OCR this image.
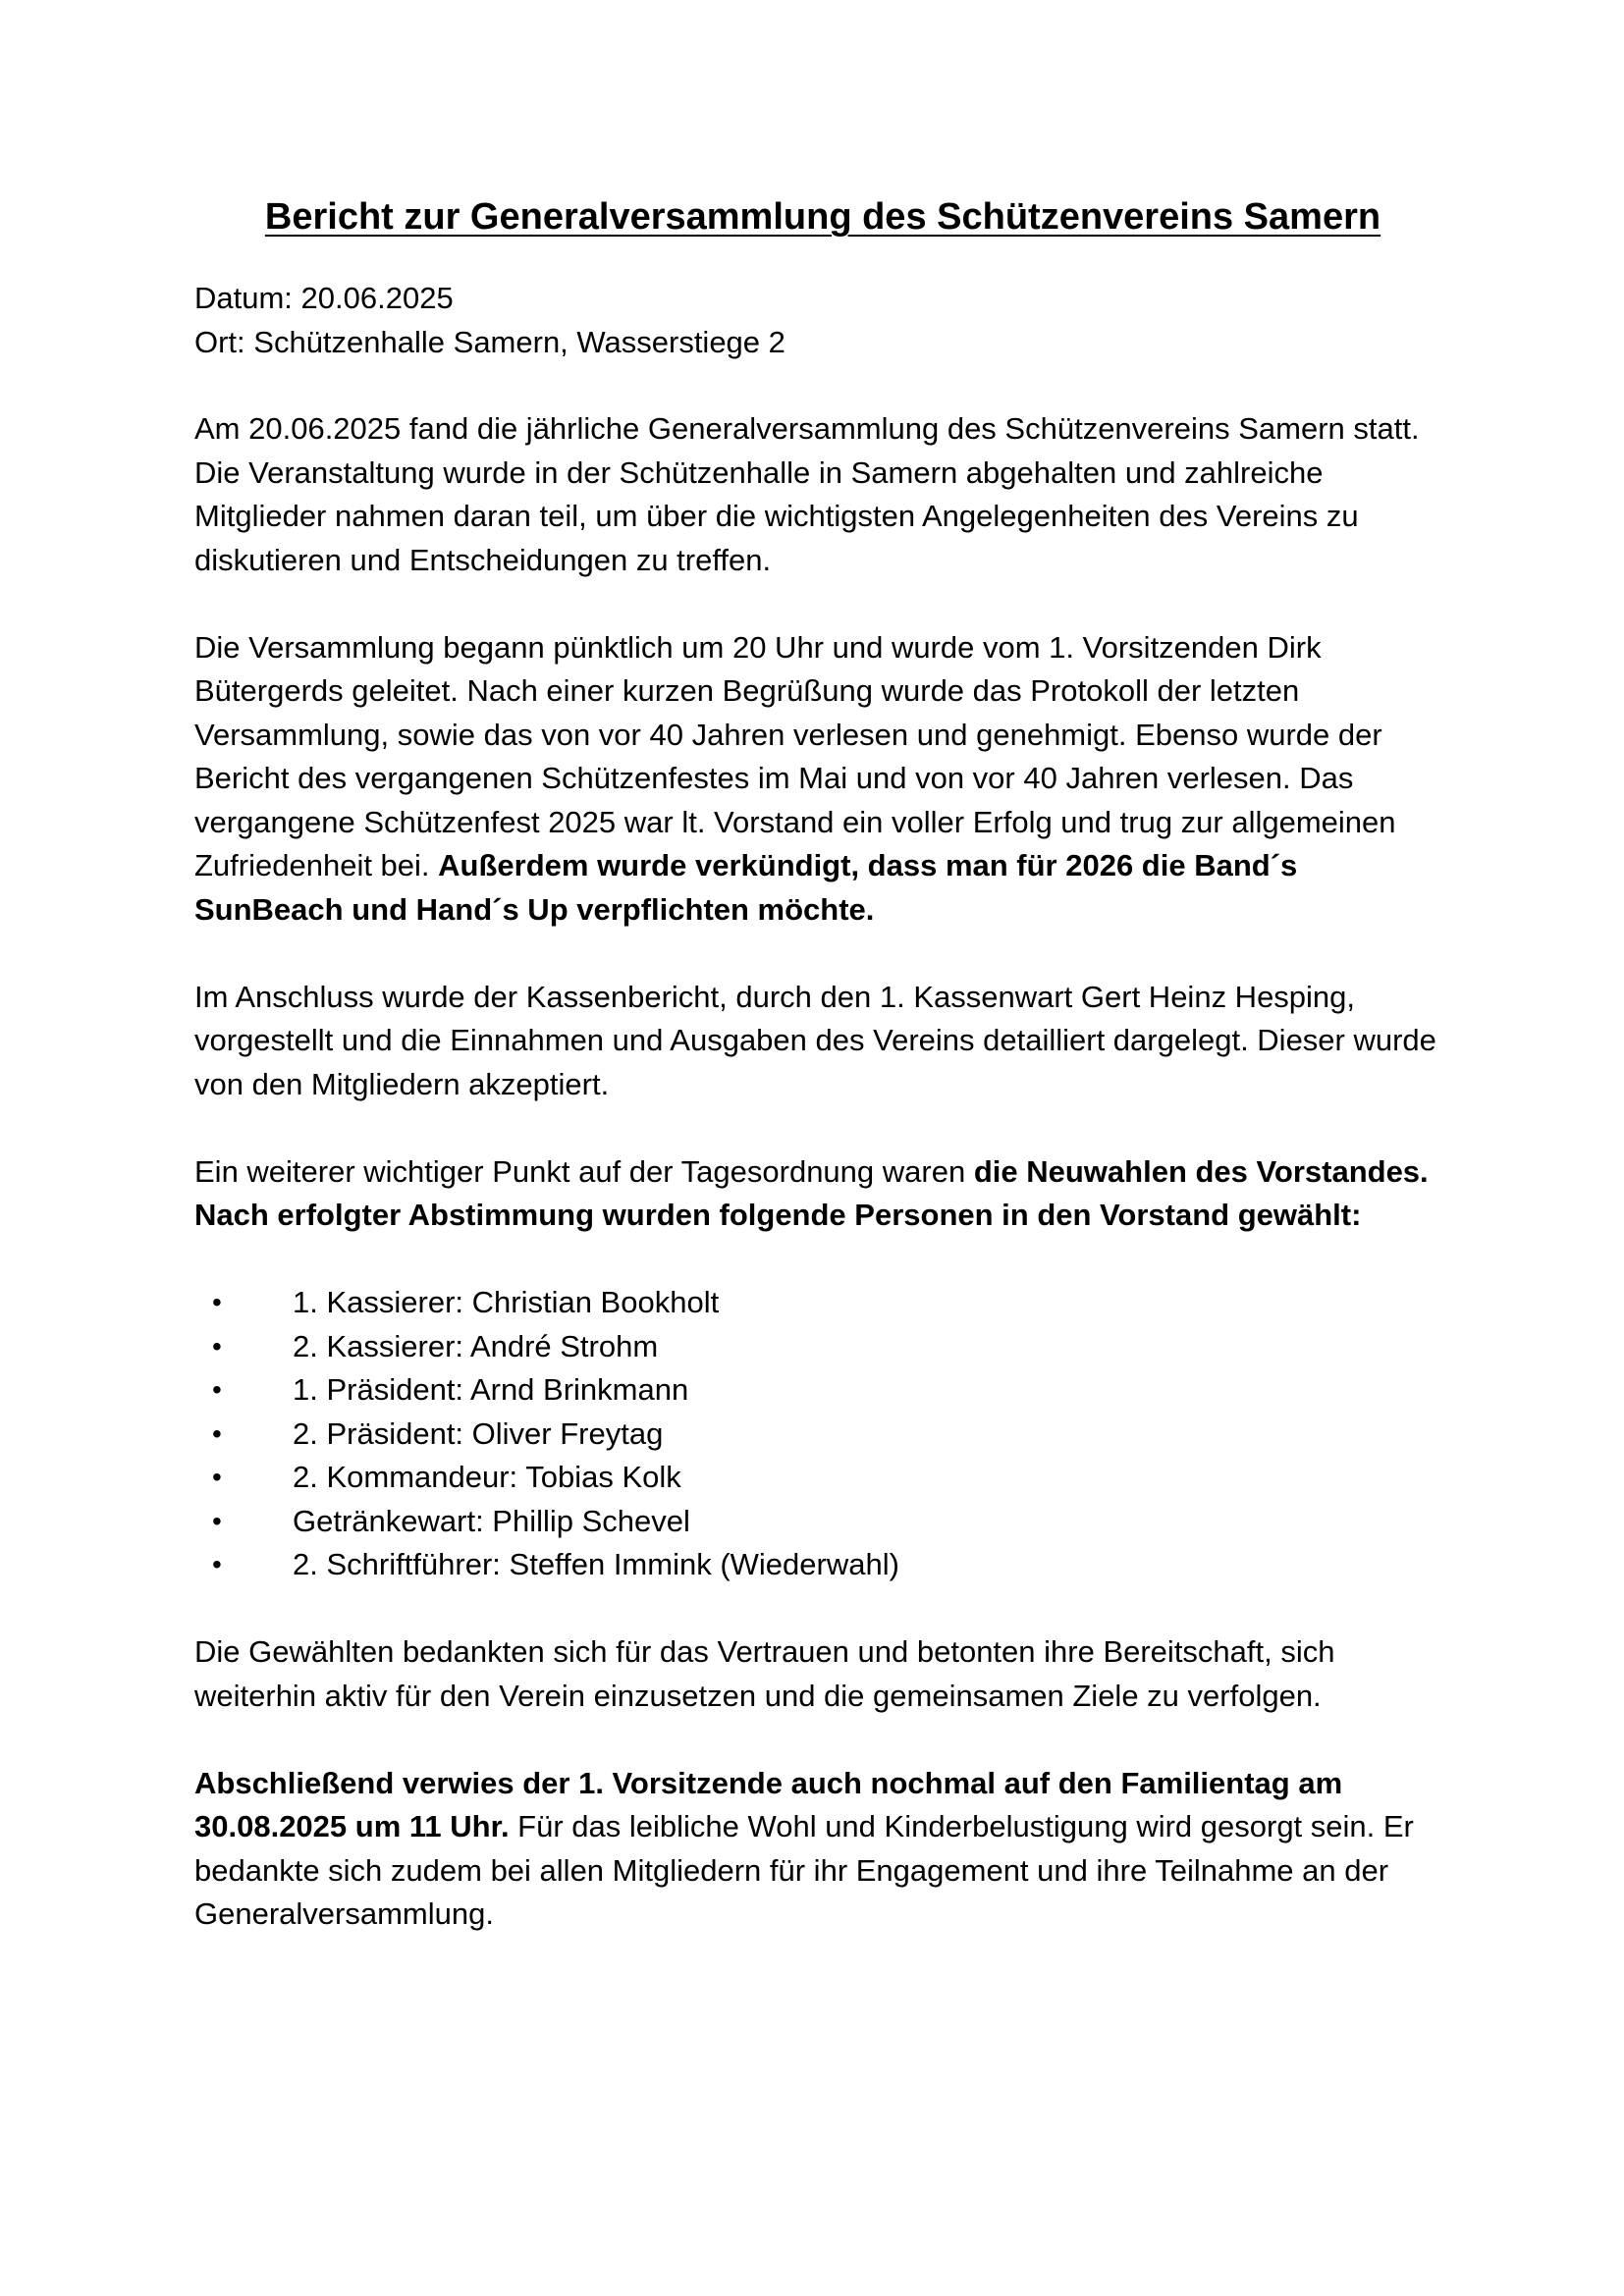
Bericht zur Generalversammlung des Schützenvereins Samern
Datum: 20.06.2025
Ort: Schützenhalle Samern, Wasserstiege 2

Am 20.06.2025 fand die jährliche Generalversammlung des Schützenvereins Samern statt. Die Veranstaltung wurde in der Schützenhalle in Samern abgehalten und zahlreiche Mitglieder nahmen daran teil, um über die wichtigsten Angelegenheiten des Vereins zu diskutieren und Entscheidungen zu treffen.

Die Versammlung begann pünktlich um 20 Uhr und wurde vom 1. Vorsitzenden Dirk Bütergerds geleitet. Nach einer kurzen Begrüßung wurde das Protokoll der letzten Versammlung, sowie das von vor 40 Jahren verlesen und genehmigt. Ebenso wurde der Bericht des vergangenen Schützenfestes im Mai und von vor 40 Jahren verlesen. Das vergangene Schützenfest 2025 war lt. Vorstand ein voller Erfolg und trug zur allgemeinen Zufriedenheit bei. Außerdem wurde verkündigt, dass man für 2026 die Band´s SunBeach und Hand´s Up verpflichten möchte.

Im Anschluss wurde der Kassenbericht, durch den 1. Kassenwart Gert Heinz Hesping, vorgestellt und die Einnahmen und Ausgaben des Vereins detailliert dargelegt. Dieser wurde von den Mitgliedern akzeptiert.

Ein weiterer wichtiger Punkt auf der Tagesordnung waren die Neuwahlen des Vorstandes. Nach erfolgter Abstimmung wurden folgende Personen in den Vorstand gewählt:

• 1. Kassierer: Christian Bookholt
• 2. Kassierer: André Strohm
• 1. Präsident: Arnd Brinkmann
• 2. Präsident: Oliver Freytag
• 2. Kommandeur: Tobias Kolk
• Getränkewart: Phillip Schevel
• 2. Schriftführer: Steffen Immink (Wiederwahl)

Die Gewählten bedankten sich für das Vertrauen und betonten ihre Bereitschaft, sich weiterhin aktiv für den Verein einzusetzen und die gemeinsamen Ziele zu verfolgen.

Abschließend verwies der 1. Vorsitzende auch nochmal auf den Familientag am 30.08.2025 um 11 Uhr. Für das leibliche Wohl und Kinderbelustigung wird gesorgt sein. Er bedankte sich zudem bei allen Mitgliedern für ihr Engagement und ihre Teilnahme an der Generalversammlung.
